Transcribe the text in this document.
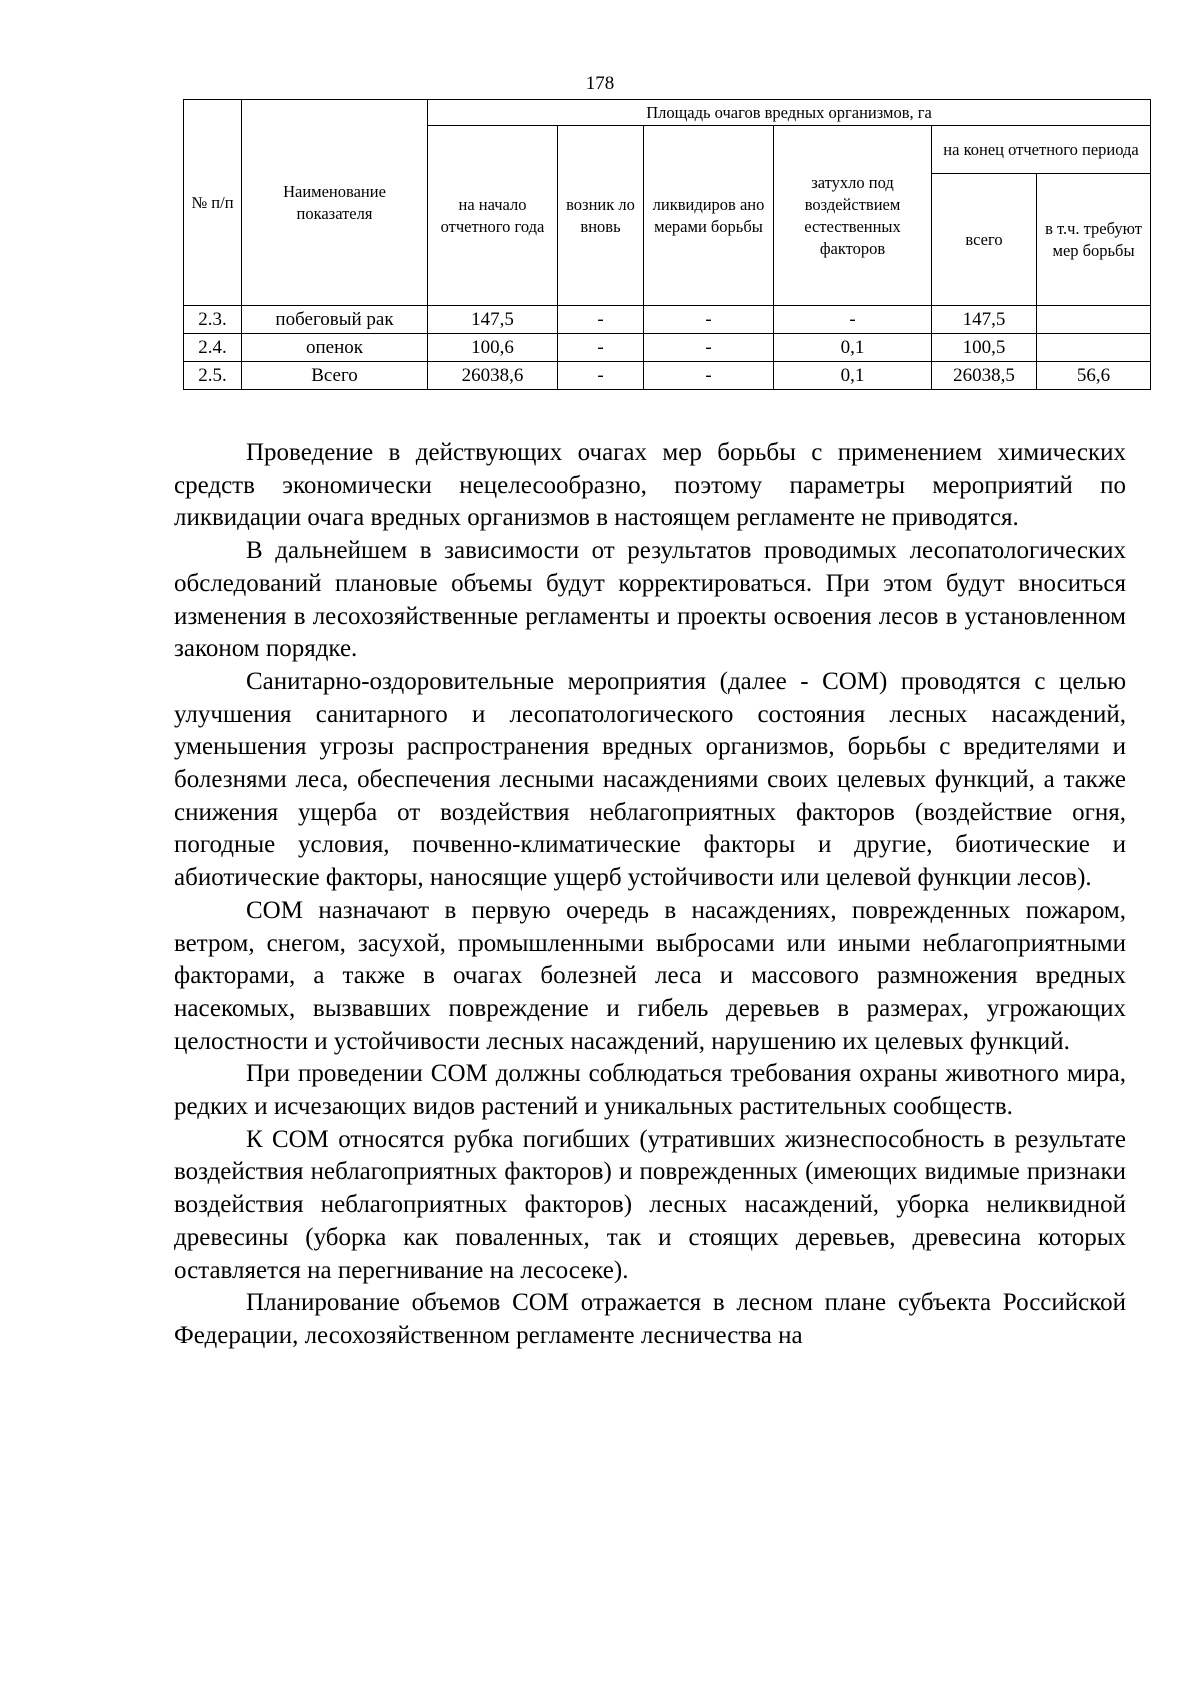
178
№ п/п	Наименование показателя	Площадь очагов вредных организмов, га					
		на начало отчетного года	возник ло вновь	ликвидиров ано мерами борьбы	затухло под воздействием естественных факторов	на конец отчетного периода	
						всего	в т.ч. требуют мер борьбы
2.3.	побеговый рак	147,5	-	-	-	147,5	
2.4.	опенок	100,6	-	-	0,1	100,5	
2.5.	Всего	26038,6	-	-	0,1	26038,5	56,6

Проведение в действующих очагах мер борьбы с применением химических средств экономически нецелесообразно, поэтому параметры мероприятий по ликвидации очага вредных организмов в настоящем регламенте не приводятся.

В дальнейшем в зависимости от результатов проводимых лесопатологических обследований плановые объемы будут корректироваться. При этом будут вноситься изменения в лесохозяйственные регламенты и проекты освоения лесов в установленном законом порядке.

Санитарно-оздоровительные мероприятия (далее - СОМ) проводятся с целью улучшения санитарного и лесопатологического состояния лесных насаждений, уменьшения угрозы распространения вредных организмов, борьбы с вредителями и болезнями леса, обеспечения лесными насаждениями своих целевых функций, а также снижения ущерба от воздействия неблагоприятных факторов (воздействие огня, погодные условия, почвенно-климатические факторы и другие, биотические и абиотические факторы, наносящие ущерб устойчивости или целевой функции лесов).

СОМ назначают в первую очередь в насаждениях, поврежденных пожаром, ветром, снегом, засухой, промышленными выбросами или иными неблагоприятными факторами, а также в очагах болезней леса и массового размножения вредных насекомых, вызвавших повреждение и гибель деревьев в размерах, угрожающих целостности и устойчивости лесных насаждений, нарушению их целевых функций.

При проведении СОМ должны соблюдаться требования охраны животного мира, редких и исчезающих видов растений и уникальных растительных сообществ.

К СОМ относятся рубка погибших (утративших жизнеспособность в результате воздействия неблагоприятных факторов) и поврежденных (имеющих видимые признаки воздействия неблагоприятных факторов) лесных насаждений, уборка неликвидной древесины (уборка как поваленных, так и стоящих деревьев, древесина которых оставляется на перегнивание на лесосеке).

Планирование объемов СОМ отражается в лесном плане субъекта Российской Федерации, лесохозяйственном регламенте лесничества на
